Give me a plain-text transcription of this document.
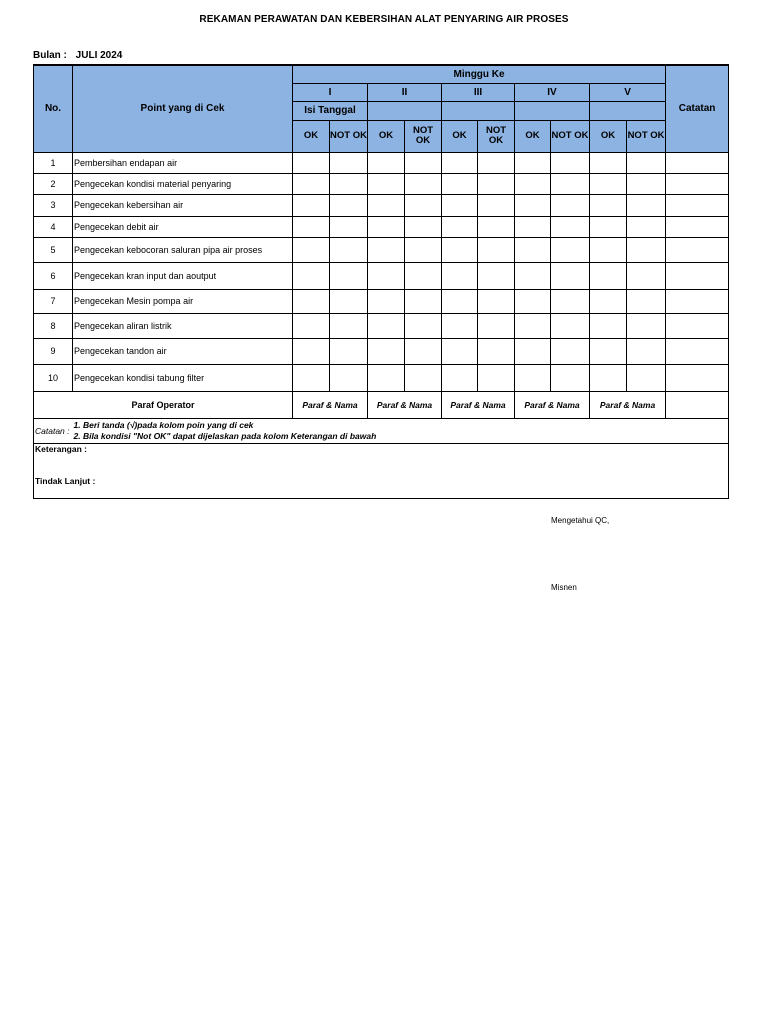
REKAMAN PERAWATAN DAN KEBERSIHAN ALAT PENYARING AIR PROSES
Bulan : JULI 2024
No.	Point yang di Cek	Minggu Ke										Catatan
		I		II		III		IV		V		
		Isi Tanggal										
		OK	NOT OK	OK	NOT OK	OK	NOT OK	OK	NOT OK	OK	NOT OK	
1	Pembersihan endapan air											
2	Pengecekan kondisi material penyaring											
3	Pengecekan kebersihan air											
4	Pengecekan debit air											
5	Pengecekan kebocoran saluran pipa air proses											
6	Pengecekan kran input dan aoutput											
7	Pengecekan Mesin pompa air											
8	Pengecekan aliran listrik											
9	Pengecekan tandon air											
10	Pengecekan kondisi tabung filter											
Paraf Operator		Paraf & Nama		Paraf & Nama		Paraf & Nama		Paraf & Nama		Paraf & Nama		
Catatan :	1. Beri tanda (√)pada kolom poin yang di cek
2. Bila kondisi "Not OK" dapat dijelaskan pada kolom Keterangan di bawah											

Keterangan :
Tindak Lanjut :												
Mengetahui QC,
Misnen
